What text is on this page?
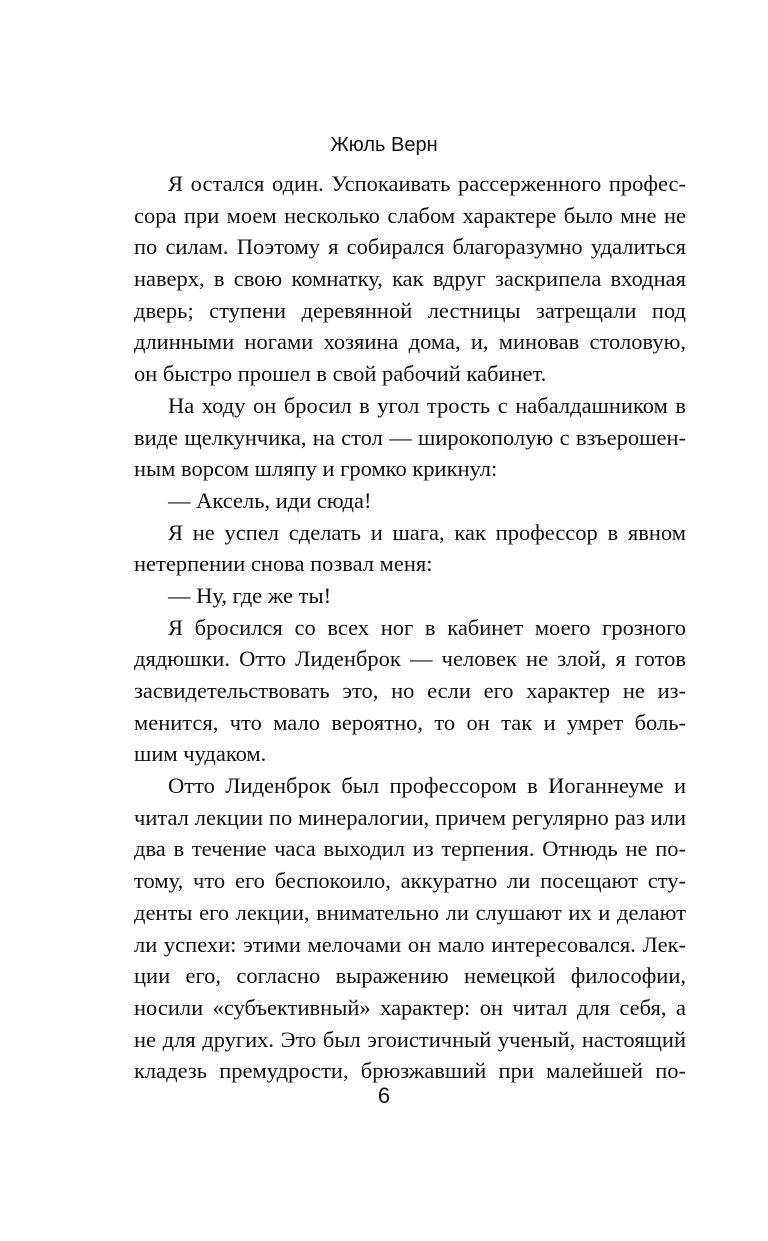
Жюль Верн
Я остался один. Успокаивать рассерженного профес-
сора при моем несколько слабом характере было мне не
по силам. Поэтому я собирался благоразумно удалиться
наверх, в свою комнатку, как вдруг заскрипела входная
дверь; ступени деревянной лестницы затрещали под
длинными ногами хозяина дома, и, миновав столовую,
он быстро прошел в свой рабочий кабинет.
На ходу он бросил в угол трость с набалдашником в
виде щелкунчика, на стол — широкополую с взъерошен-
ным ворсом шляпу и громко крикнул:
— Аксель, иди сюда!
Я не успел сделать и шага, как профессор в явном
нетерпении снова позвал меня:
— Ну, где же ты!
Я бросился со всех ног в кабинет моего грозного
дядюшки. Отто Лиденброк — человек не злой, я готов
засвидетельствовать это, но если его характер не из-
менится, что мало вероятно, то он так и умрет боль-
шим чудаком.
Отто Лиденброк был профессором в Иоганнеуме и
читал лекции по минералогии, причем регулярно раз или
два в течение часа выходил из терпения. Отнюдь не по-
тому, что его беспокоило, аккуратно ли посещают сту-
денты его лекции, внимательно ли слушают их и делают
ли успехи: этими мелочами он мало интересовался. Лек-
ции его, согласно выражению немецкой философии,
носили «субъективный» характер: он читал для себя, а
не для других. Это был эгоистичный ученый, настоящий
кладезь премудрости, брюзжавший при малейшей по-
6
